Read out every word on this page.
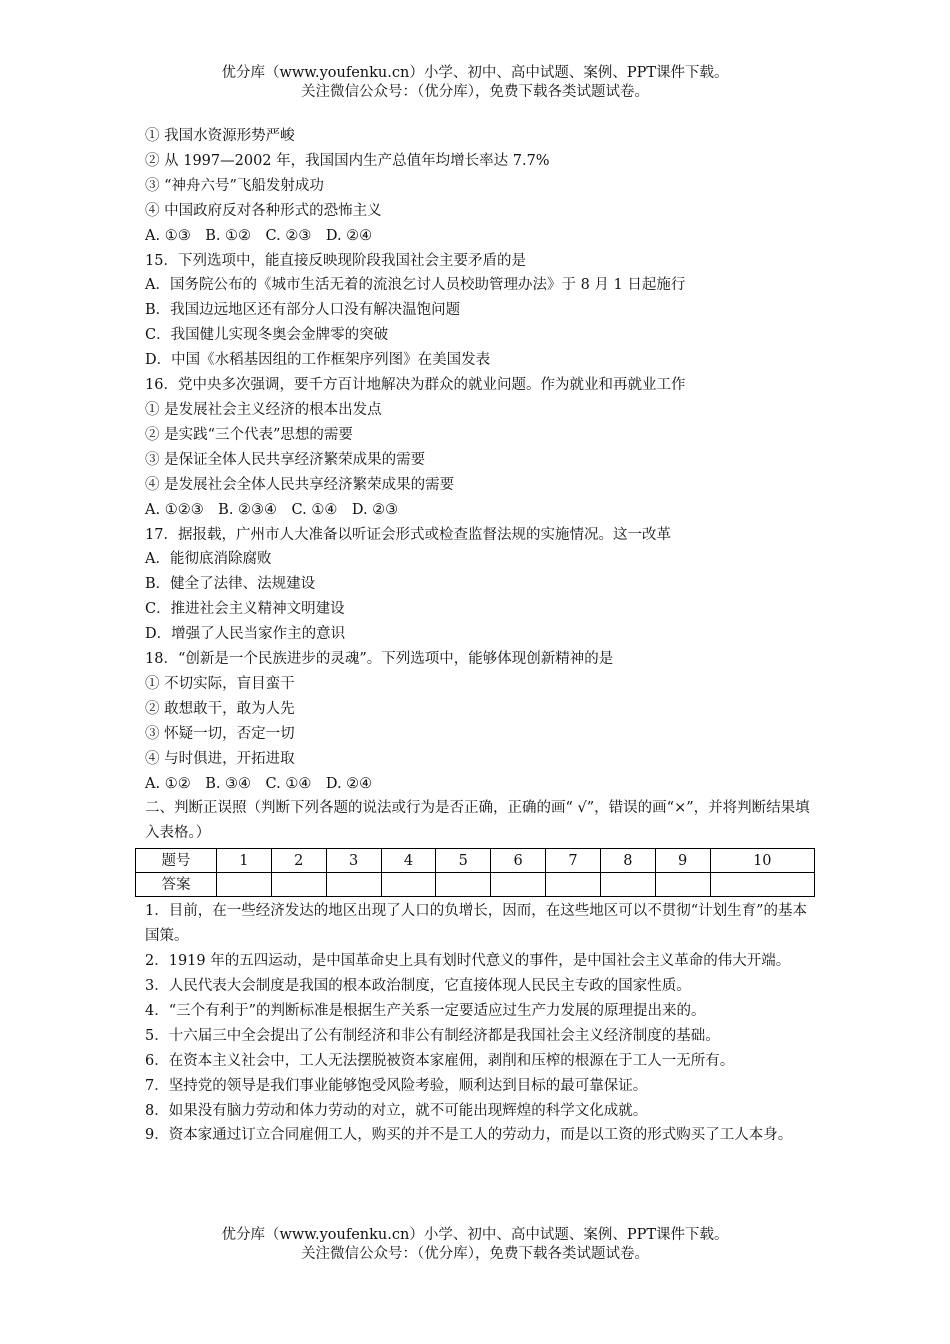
优分库（www.youfenku.cn）小学、初中、高中试题、案例、PPT课件下载。
关注微信公众号：（优分库），免费下载各类试题试卷。
① 我国水资源形势严峻
② 从 1997—2002 年，我国国内生产总值年均增长率达 7.7%
③ “神舟六号”飞船发射成功
④ 中国政府反对各种形式的恐怖主义
A. ①③　B. ①②　C. ②③　D. ②④
15．下列选项中，能直接反映现阶段我国社会主要矛盾的是
A．国务院公布的《城市生活无着的流浪乞讨人员校助管理办法》于 8 月 1 日起施行
B．我国边远地区还有部分人口没有解决温饱问题
C．我国健儿实现冬奥会金牌零的突破
D．中国《水稻基因组的工作框架序列图》在美国发表
16．党中央多次强调，要千方百计地解决为群众的就业问题。作为就业和再就业工作
① 是发展社会主义经济的根本出发点
② 是实践“三个代表”思想的需要
③ 是保证全体人民共享经济繁荣成果的需要
④ 是发展社会全体人民共享经济繁荣成果的需要
A. ①②③　B. ②③④　C. ①④　D. ②③
17．据报载，广州市人大准备以听证会形式或检查监督法规的实施情况。这一改革
A．能彻底消除腐败
B．健全了法律、法规建设
C．推进社会主义精神文明建设
D．增强了人民当家作主的意识
18．“创新是一个民族进步的灵魂”。下列选项中，能够体现创新精神的是
① 不切实际，盲目蛮干
② 敢想敢干，敢为人先
③ 怀疑一切，否定一切
④ 与时俱进，开拓进取
A. ①②　B. ③④　C. ①④　D. ②④
二、判断正误照（判断下列各题的说法或行为是否正确，正确的画“ √”，错误的画“×”，并将判断结果填入表格。）
题号	1	2	3	4	5	6	7	8	9	10
答案										
1．目前，在一些经济发达的地区出现了人口的负增长，因而，在这些地区可以不贯彻“计划生育”的基本国策。
2．1919 年的五四运动，是中国革命史上具有划时代意义的事件，是中国社会主义革命的伟大开端。
3．人民代表大会制度是我国的根本政治制度，它直接体现人民民主专政的国家性质。
4．“三个有利于”的判断标准是根据生产关系一定要适应过生产力发展的原理提出来的。
5．十六届三中全会提出了公有制经济和非公有制经济都是我国社会主义经济制度的基础。
6．在资本主义社会中，工人无法摆脱被资本家雇佣，剥削和压榨的根源在于工人一无所有。
7．坚持党的领导是我们事业能够饱受风险考验，顺利达到目标的最可靠保证。
8．如果没有脑力劳动和体力劳动的对立，就不可能出现辉煌的科学文化成就。
9．资本家通过订立合同雇佣工人，购买的并不是工人的劳动力，而是以工资的形式购买了工人本身。
优分库（www.youfenku.cn）小学、初中、高中试题、案例、PPT课件下载。
关注微信公众号：（优分库），免费下载各类试题试卷。
